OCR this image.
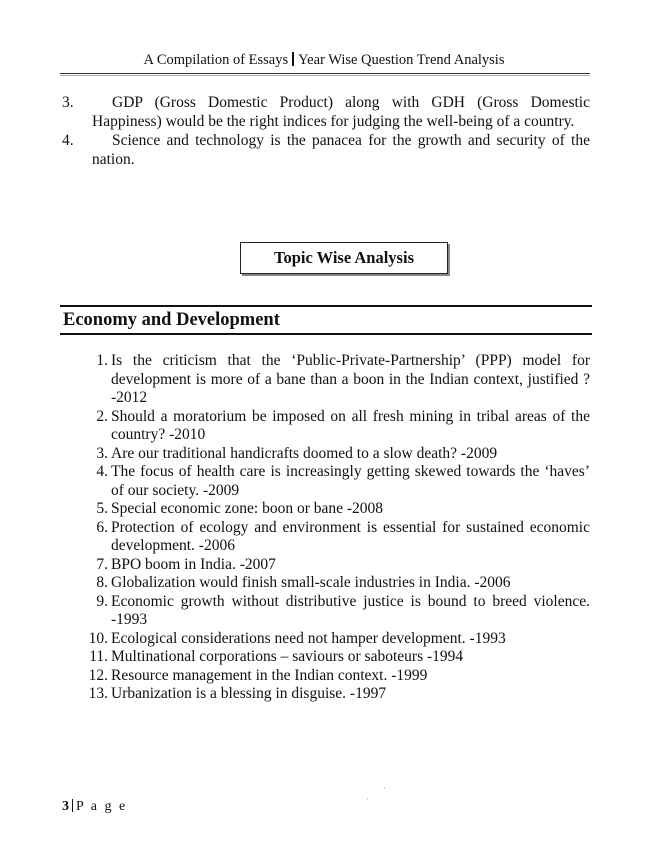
A Compilation of Essays Year Wise Question Trend Analysis
3. GDP (Gross Domestic Product) along with GDH (Gross Domestic Happiness) would be the right indices for judging the well-being of a country.
4. Science and technology is the panacea for the growth and security of the nation.
Topic Wise Analysis
Economy and Development
1. Is the criticism that the ‘Public-Private-Partnership’ (PPP) model for development is more of a bane than a boon in the Indian context, justified ?-2012
2. Should a moratorium be imposed on all fresh mining in tribal areas of the country? -2010
3. Are our traditional handicrafts doomed to a slow death? -2009
4. The focus of health care is increasingly getting skewed towards the ‘haves’ of our society. -2009
5. Special economic zone: boon or bane -2008
6. Protection of ecology and environment is essential for sustained economic development. -2006
7. BPO boom in India. -2007
8. Globalization would finish small-scale industries in India. -2006
9. Economic growth without distributive justice is bound to breed violence. -1993
10. Ecological considerations need not hamper development. -1993
11. Multinational corporations – saviours or saboteurs -1994
12. Resource management in the Indian context. -1999
13. Urbanization is a blessing in disguise. -1997
3 P a g e
·
·
